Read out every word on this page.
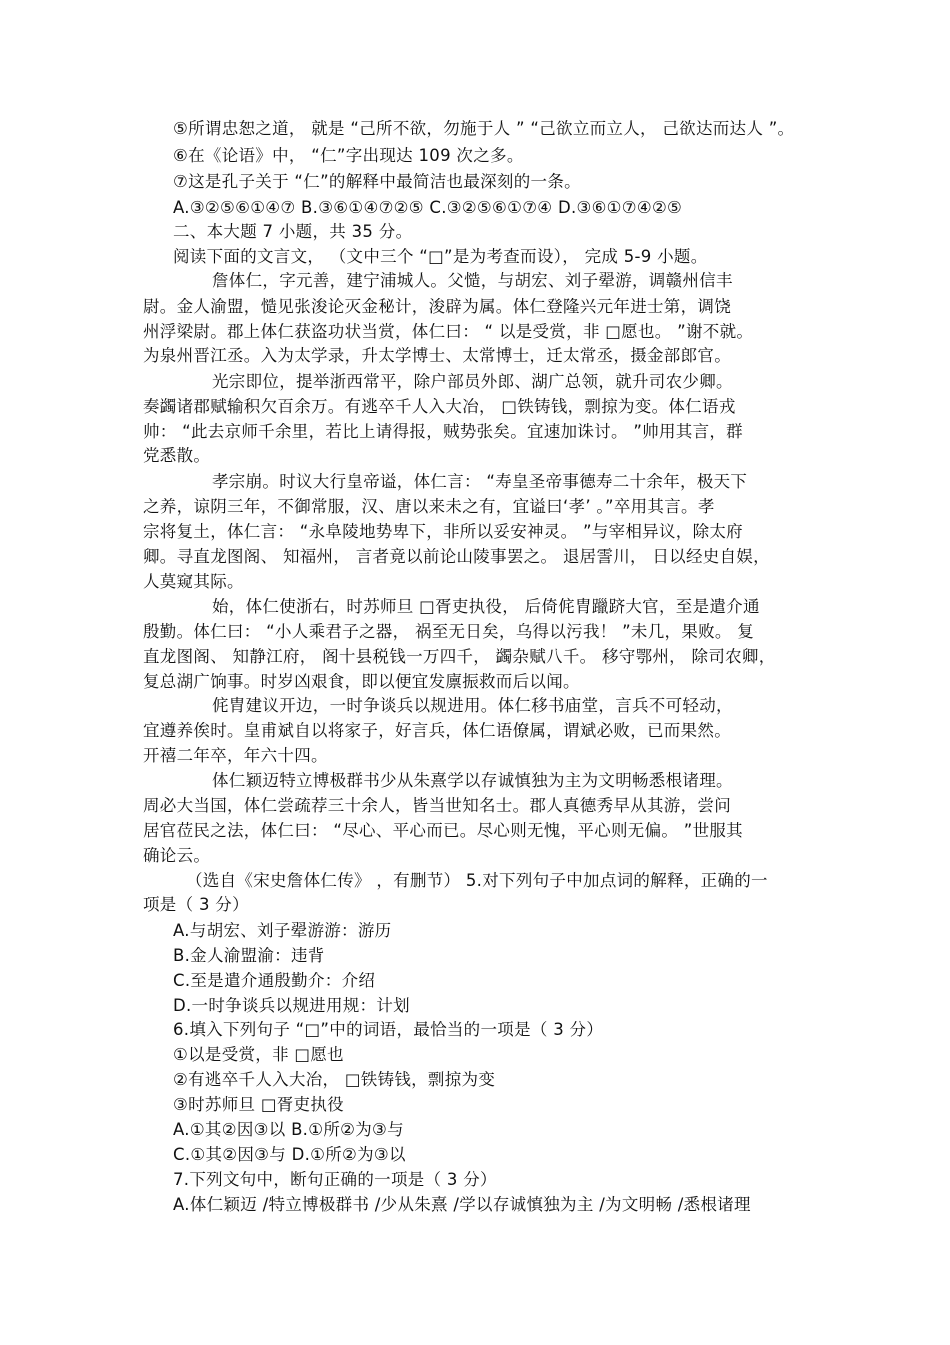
⑤所谓忠恕之道， 就是 “己所不欲，勿施于人 ” “己欲立而立人， 己欲达而达人 ”。
⑥在《论语》中， “仁”字出现达 109 次之多。
⑦这是孔子关于 “仁”的解释中最简洁也最深刻的一条。
A.③②⑤⑥①④⑦ B.③⑥①④⑦②⑤ C.③②⑤⑥①⑦④ D.③⑥①⑦④②⑤
二、本大题 7 小题，共 35 分。
阅读下面的文言文， （文中三个 “□”是为考查而设）， 完成 5-9 小题。
詹体仁，字元善，建宁浦城人。父慥，与胡宏、刘子翚游，调赣州信丰
尉。金人渝盟，慥见张浚论灭金秘计，浚辟为属。体仁登隆兴元年进士第，调饶
州浮梁尉。郡上体仁获盗功状当赏，体仁曰： “ 以是受赏，非 □愿也。 ”谢不就。
为泉州晋江丞。入为太学录，升太学博士、太常博士，迁太常丞，摄金部郎官。
光宗即位，提举浙西常平，除户部员外郎、湖广总领，就升司农少卿。
奏蠲诸郡赋输积欠百余万。有逃卒千人入大冶， □铁铸钱，剽掠为变。体仁语戎
帅： “此去京师千余里，若比上请得报，贼势张矣。宜速加诛讨。 ”帅用其言，群
党悉散。
孝宗崩。时议大行皇帝谥，体仁言： “寿皇圣帝事德寿二十余年，极天下
之养，谅阴三年，不御常服，汉、唐以来未之有，宜谥曰‘孝’ 。”卒用其言。孝
宗将复土，体仁言： “永阜陵地势卑下，非所以妥安神灵。 ”与宰相异议，除太府
卿。寻直龙图阁、 知福州， 言者竟以前论山陵事罢之。 退居霅川， 日以经史自娱，
人莫窥其际。
始，体仁使浙右，时苏师旦 □胥吏执役， 后倚侂胄躐跻大官，至是遣介通
殷勤。体仁曰： “小人乘君子之器， 祸至无日矣，乌得以污我！ ”未几，果败。 复
直龙图阁、 知静江府， 阁十县税钱一万四千， 蠲杂赋八千。 移守鄂州， 除司农卿，
复总湖广饷事。时岁凶艰食，即以便宜发廪振救而后以闻。
侂胄建议开边，一时争谈兵以规进用。体仁移书庙堂，言兵不可轻动，
宜遵养俟时。皇甫斌自以将家子，好言兵，体仁语僚属，谓斌必败，已而果然。
开禧二年卒，年六十四。
体仁颖迈特立博极群书少从朱熹学以存诚慎独为主为文明畅悉根诸理。
周必大当国，体仁尝疏荐三十余人，皆当世知名士。郡人真德秀早从其游，尝问
居官莅民之法，体仁曰： “尽心、平心而已。尽心则无愧，平心则无偏。 ”世服其
确论云。
（选自《宋史詹体仁传》 ，有删节） 5.对下列句子中加点词的解释，正确的一
项是（ 3 分）
A.与胡宏、刘子翚游游：游历
B.金人渝盟渝：违背
C.至是遣介通殷勤介：介绍
D.一时争谈兵以规进用规：计划
6.填入下列句子 “□”中的词语，最恰当的一项是（ 3 分）
①以是受赏，非 □愿也
②有逃卒千人入大冶， □铁铸钱，剽掠为变
③时苏师旦 □胥吏执役
A.①其②因③以 B.①所②为③与
C.①其②因③与 D.①所②为③以
7.下列文句中，断句正确的一项是（ 3 分）
A.体仁颖迈 /特立博极群书 /少从朱熹 /学以存诚慎独为主 /为文明畅 /悉根诸理
